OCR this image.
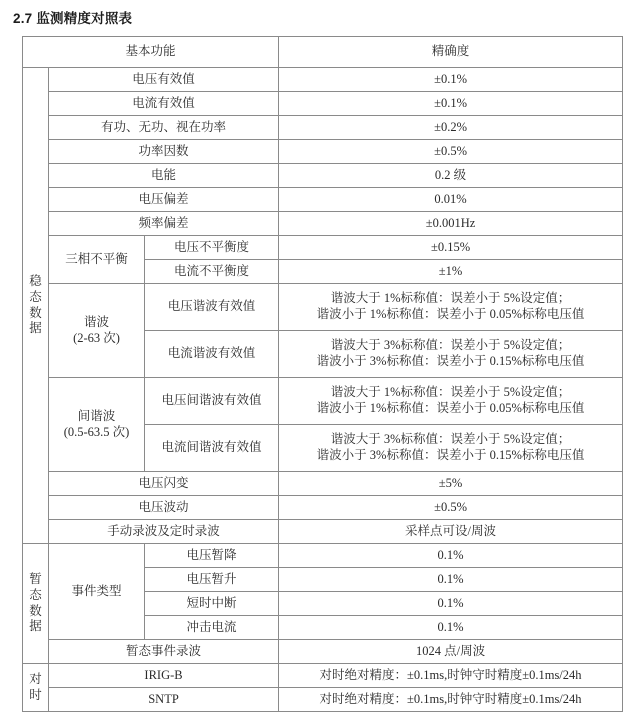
2.7 监测精度对照表
基本功能			精确度

稳态数据	电压有效值		±0.1%
	电流有效值		±0.1%
	有功、无功、视在功率		±0.2%
	功率因数		±0.5%
	电能		0.2 级
	电压偏差		0.01%
	频率偏差		±0.001Hz
	三相不平衡	电压不平衡度	±0.15%
		电流不平衡度	±1%

	谐波
(2-63 次)	电压谐波有效值	谐波大于 1%标称值：误差小于 5%设定值；
谐波小于 1%标称值：误差小于 0.05%标称电压值

		电流谐波有效值	谐波大于 3%标称值：误差小于 5%设定值；
谐波小于 3%标称值：误差小于 0.15%标称电压值

	间谐波
(0.5-63.5 次)	电压间谐波有效值	谐波大于 1%标称值：误差小于 5%设定值；
谐波小于 1%标称值：误差小于 0.05%标称电压值

		电流间谐波有效值	谐波大于 3%标称值：误差小于 5%设定值；
谐波小于 3%标称值：误差小于 0.15%标称电压值

	电压闪变		±5%
	电压波动		±0.5%
	手动录波及定时录波		采样点可设/周波

暂态数据	事件类型	电压暂降	0.1%
		电压暂升	0.1%
		短时中断	0.1%
		冲击电流	0.1%
	暂态事件录波		1024 点/周波

对时	IRIG-B		对时绝对精度：±0.1ms,时钟守时精度±0.1ms/24h
	SNTP		对时绝对精度：±0.1ms,时钟守时精度±0.1ms/24h
